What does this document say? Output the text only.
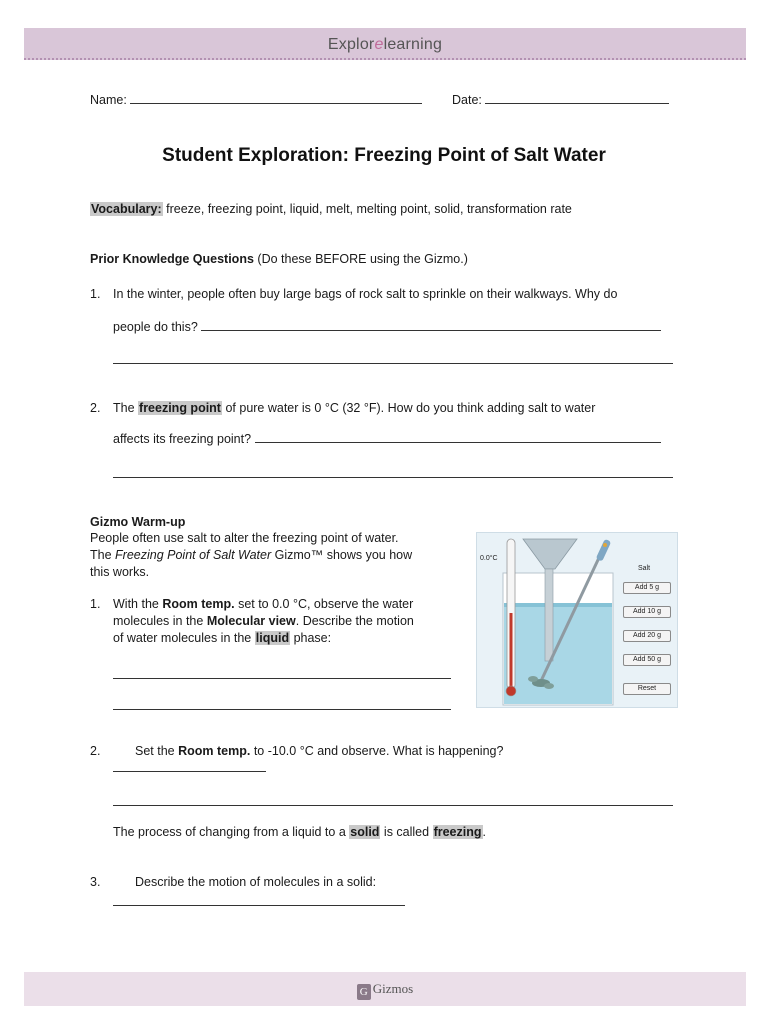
Explorelearning
Name:	Date:
Student Exploration: Freezing Point of Salt Water
Vocabulary: freeze, freezing point, liquid, melt, melting point, solid, transformation rate
Prior Knowledge Questions (Do these BEFORE using the Gizmo.)
1. In the winter, people often buy large bags of rock salt to sprinkle on their walkways. Why do
people do this?
2. The freezing point of pure water is 0 °C (32 °F). How do you think adding salt to water
affects its freezing point?
Gizmo Warm-up
People often use salt to alter the freezing point of water.
The Freezing Point of Salt Water Gizmo™ shows you how
this works.
1. With the Room temp. set to 0.0 °C, observe the water
molecules in the Molecular view. Describe the motion
of water molecules in the liquid phase:
0.0°C
Salt
Add 5 g
Add 10 g
Add 20 g
Add 50 g
Reset
2.	Set the Room temp. to -10.0 °C and observe. What is happening?
The process of changing from a liquid to a solid is called freezing.
3.	Describe the motion of molecules in a solid:
G Gizmos
